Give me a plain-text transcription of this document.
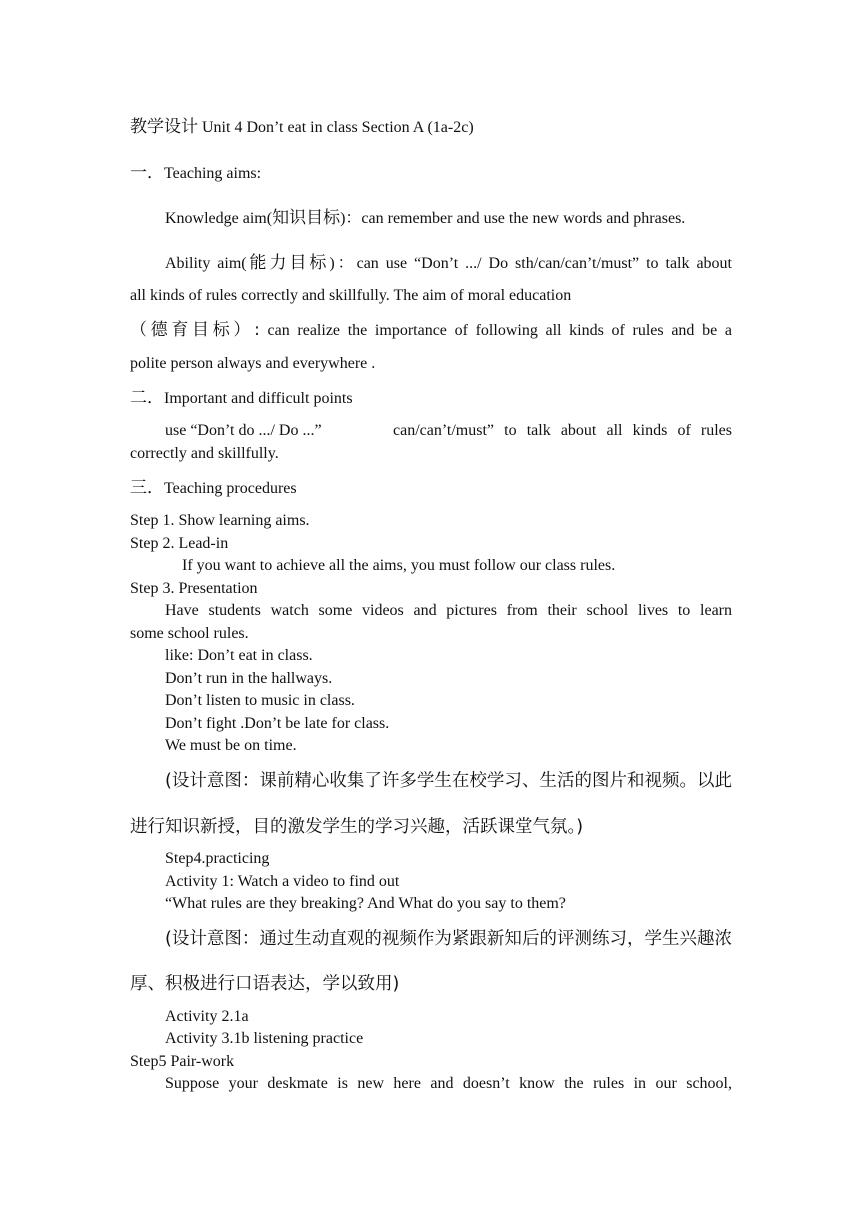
教学设计 Unit 4 Don’t eat in class Section A (1a-2c)
一．Teaching aims:
Knowledge aim(知识目标)：can remember and use the new words and phrases.
Ability aim(能力目标)：can use “Don’t .../ Do sth/can/can’t/must” to talk about
all kinds of rules correctly and skillfully. The aim of moral education
（德育目标）: can realize the importance of following all kinds of rules and be a
polite person always and everywhere .
二．Important and difficult points
use “Don’t do .../ Do ...”	can/can’t/must” to talk about all kinds of rules
correctly and skillfully.
三．Teaching procedures
Step 1. Show learning aims.
Step 2. Lead-in
If you want to achieve all the aims, you must follow our class rules.
Step 3. Presentation
Have students watch some videos and pictures from their school lives to learn
some school rules.
like: Don’t eat in class.
Don’t run in the hallways.
Don’t listen to music in class.
Don’t fight .Don’t be late for class.
We must be on time.
(设计意图：课前精心收集了许多学生在校学习、生活的图片和视频。以此
进行知识新授，目的激发学生的学习兴趣，活跃课堂气氛。)
Step4.practicing
Activity 1: Watch a video to find out
“What rules are they breaking? And What do you say to them?
(设计意图：通过生动直观的视频作为紧跟新知后的评测练习，学生兴趣浓
厚、积极进行口语表达，学以致用)
Activity 2.1a
Activity 3.1b listening practice
Step5 Pair-work
Suppose your deskmate is new here and doesn’t know the rules in our school,
